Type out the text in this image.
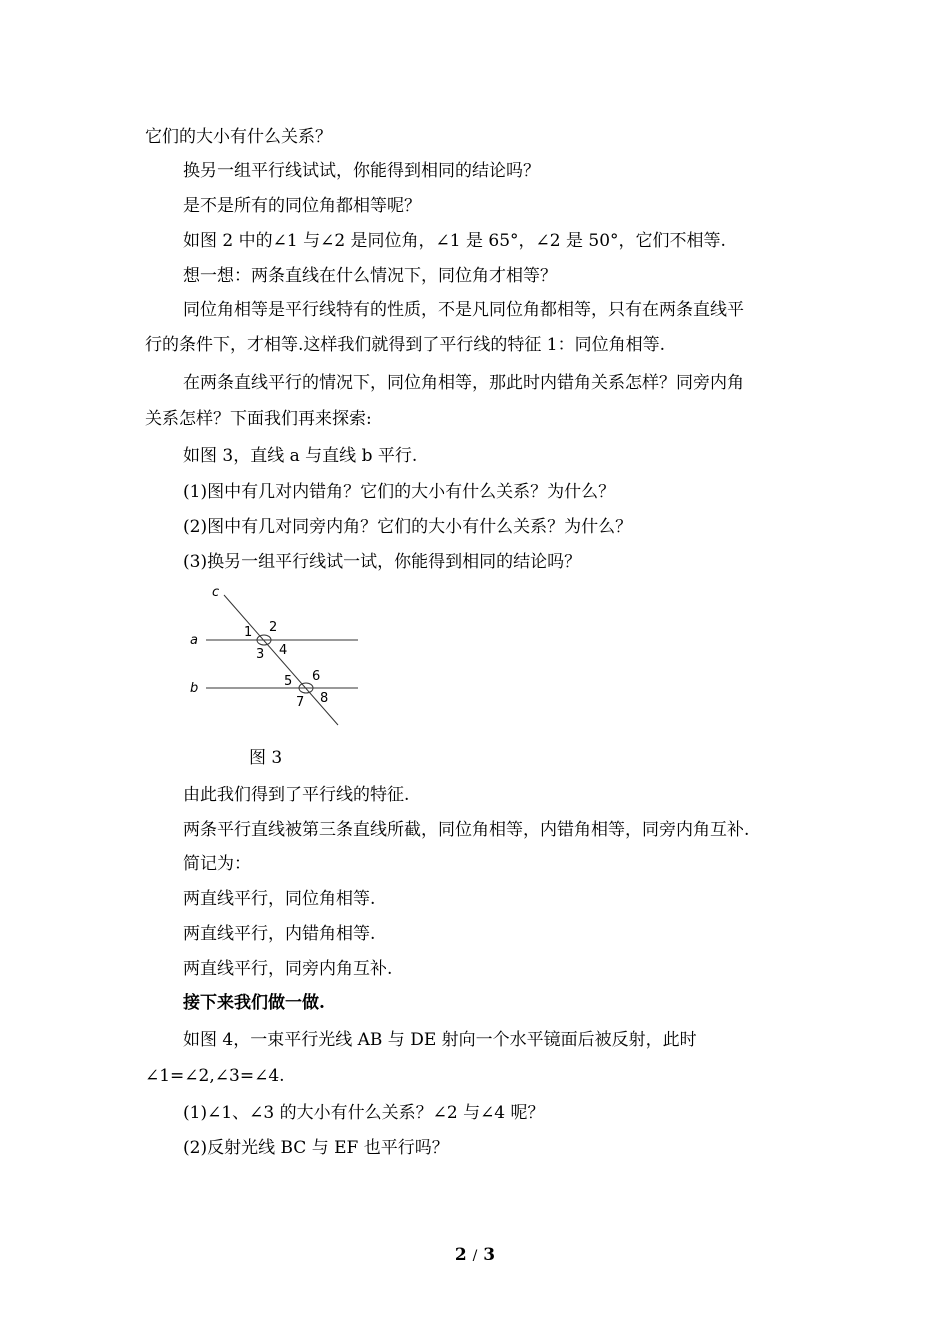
它们的大小有什么关系？
换另一组平行线试试，你能得到相同的结论吗？
是不是所有的同位角都相等呢？
如图 2 中的∠1 与∠2 是同位角，∠1 是 65°，∠2 是 50°，它们不相等.
想一想：两条直线在什么情况下，同位角才相等？
同位角相等是平行线特有的性质，不是凡同位角都相等，只有在两条直线平
行的条件下，才相等.这样我们就得到了平行线的特征 1：同位角相等.
在两条直线平行的情况下，同位角相等，那此时内错角关系怎样？同旁内角
关系怎样？下面我们再来探索:
如图 3，直线 a 与直线 b 平行.
(1)图中有几对内错角？它们的大小有什么关系？为什么？
(2)图中有几对同旁内角？它们的大小有什么关系？为什么？
(3)换另一组平行线试一试，你能得到相同的结论吗？
c
a
b
1 2
3 4
5 6
7 8
图 3
由此我们得到了平行线的特征.
两条平行直线被第三条直线所截，同位角相等，内错角相等，同旁内角互补.
简记为：
两直线平行，同位角相等.
两直线平行，内错角相等.
两直线平行，同旁内角互补.
接下来我们做一做.
如图 4，一束平行光线 AB 与 DE 射向一个水平镜面后被反射，此时
∠1=∠2,∠3=∠4.
(1)∠1、∠3 的大小有什么关系？∠2 与∠4 呢？
(2)反射光线 BC 与 EF 也平行吗？
2 / 3
